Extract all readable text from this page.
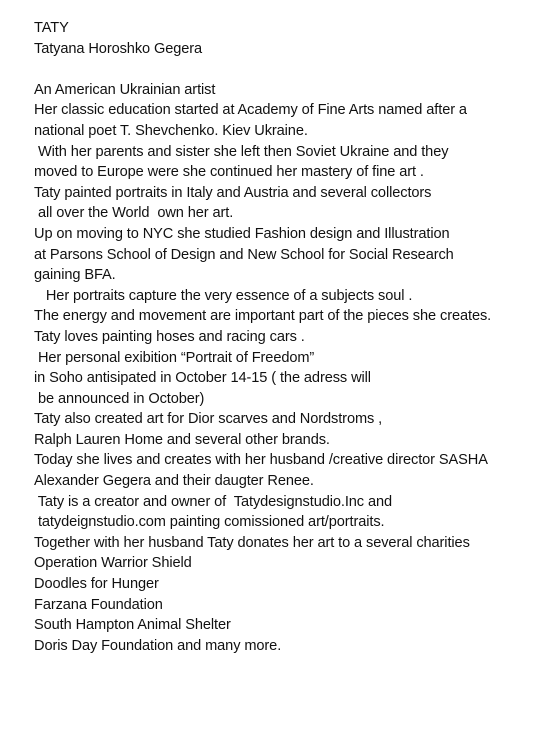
TATY
Tatyana Horoshko Gegera
An American Ukrainian artist
Her classic education started at Academy of Fine Arts named after a
national poet T. Shevchenko. Kiev Ukraine.
With her parents and sister she left then Soviet Ukraine and they
moved to Europe were she continued her mastery of fine art .
Taty painted portraits in Italy and Austria and several collectors
all over the World  own her art.
Up on moving to NYC she studied Fashion design and Illustration
at Parsons School of Design and New School for Social Research
gaining BFA.
Her portraits capture the very essence of a subjects soul .
The energy and movement are important part of the pieces she creates.
Taty loves painting hoses and racing cars .
Her personal exibition “Portrait of Freedom”
in Soho antisipated in October 14-15 ( the adress will
be announced in October)
Taty also created art for Dior scarves and Nordstroms ,
Ralph Lauren Home and several other brands.
Today she lives and creates with her husband /creative director SASHA
Alexander Gegera and their daugter Renee.
Taty is a creator and owner of  Tatydesignstudio.Inc and
tatydeignstudio.com painting comissioned art/portraits.
Together with her husband Taty donates her art to a several charities
Operation Warrior Shield
Doodles for Hunger
Farzana Foundation
South Hampton Animal Shelter
Doris Day Foundation and many more.
